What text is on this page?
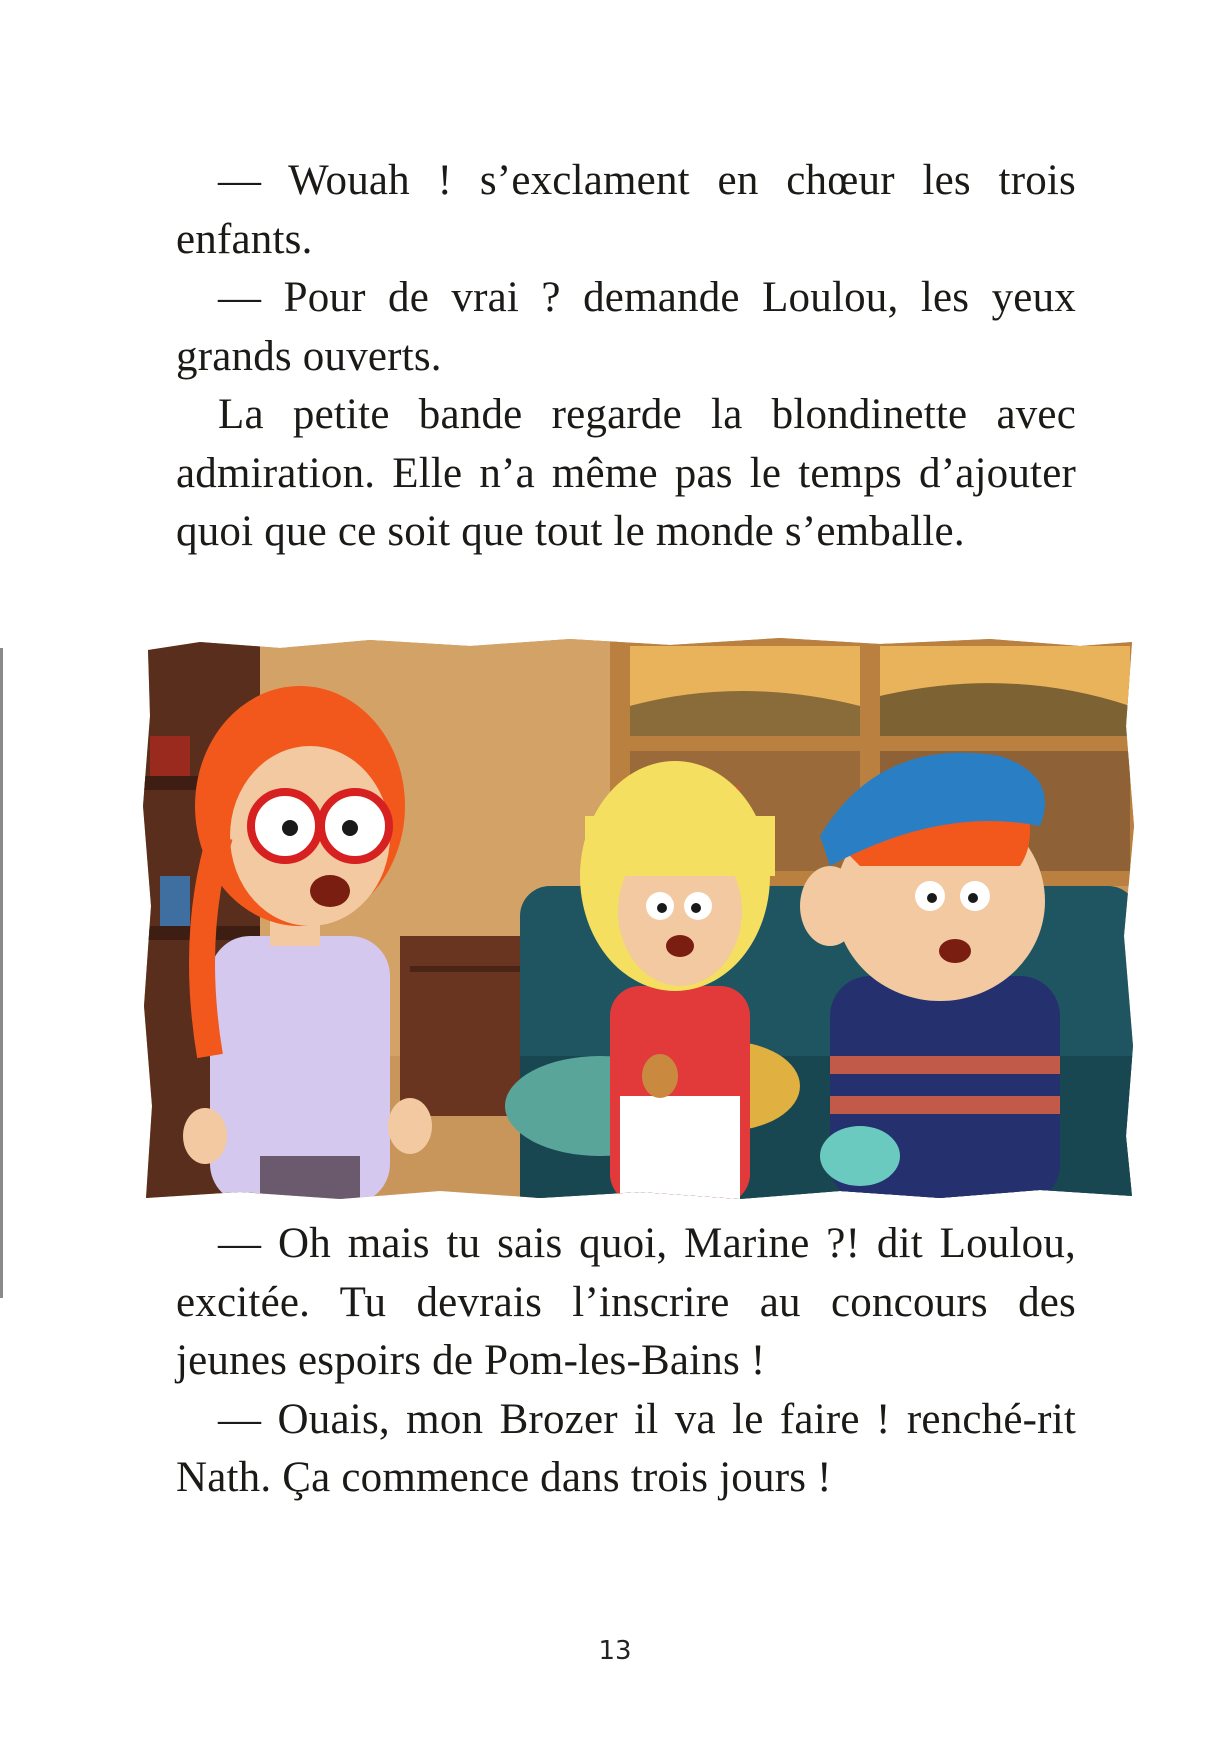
— Wouah ! s’exclament en chœur les trois enfants.

— Pour de vrai ? demande Loulou, les yeux grands ouverts.

La petite bande regarde la blondinette avec admiration. Elle n’a même pas le temps d’ajouter quoi que ce soit que tout le monde s’emballe.

— Oh mais tu sais quoi, Marine ?! dit Loulou, excitée. Tu devrais l’inscrire au concours des jeunes espoirs de Pom-les-Bains !

— Ouais, mon Brozer il va le faire ! renché-rit Nath. Ça commence dans trois jours !

13
